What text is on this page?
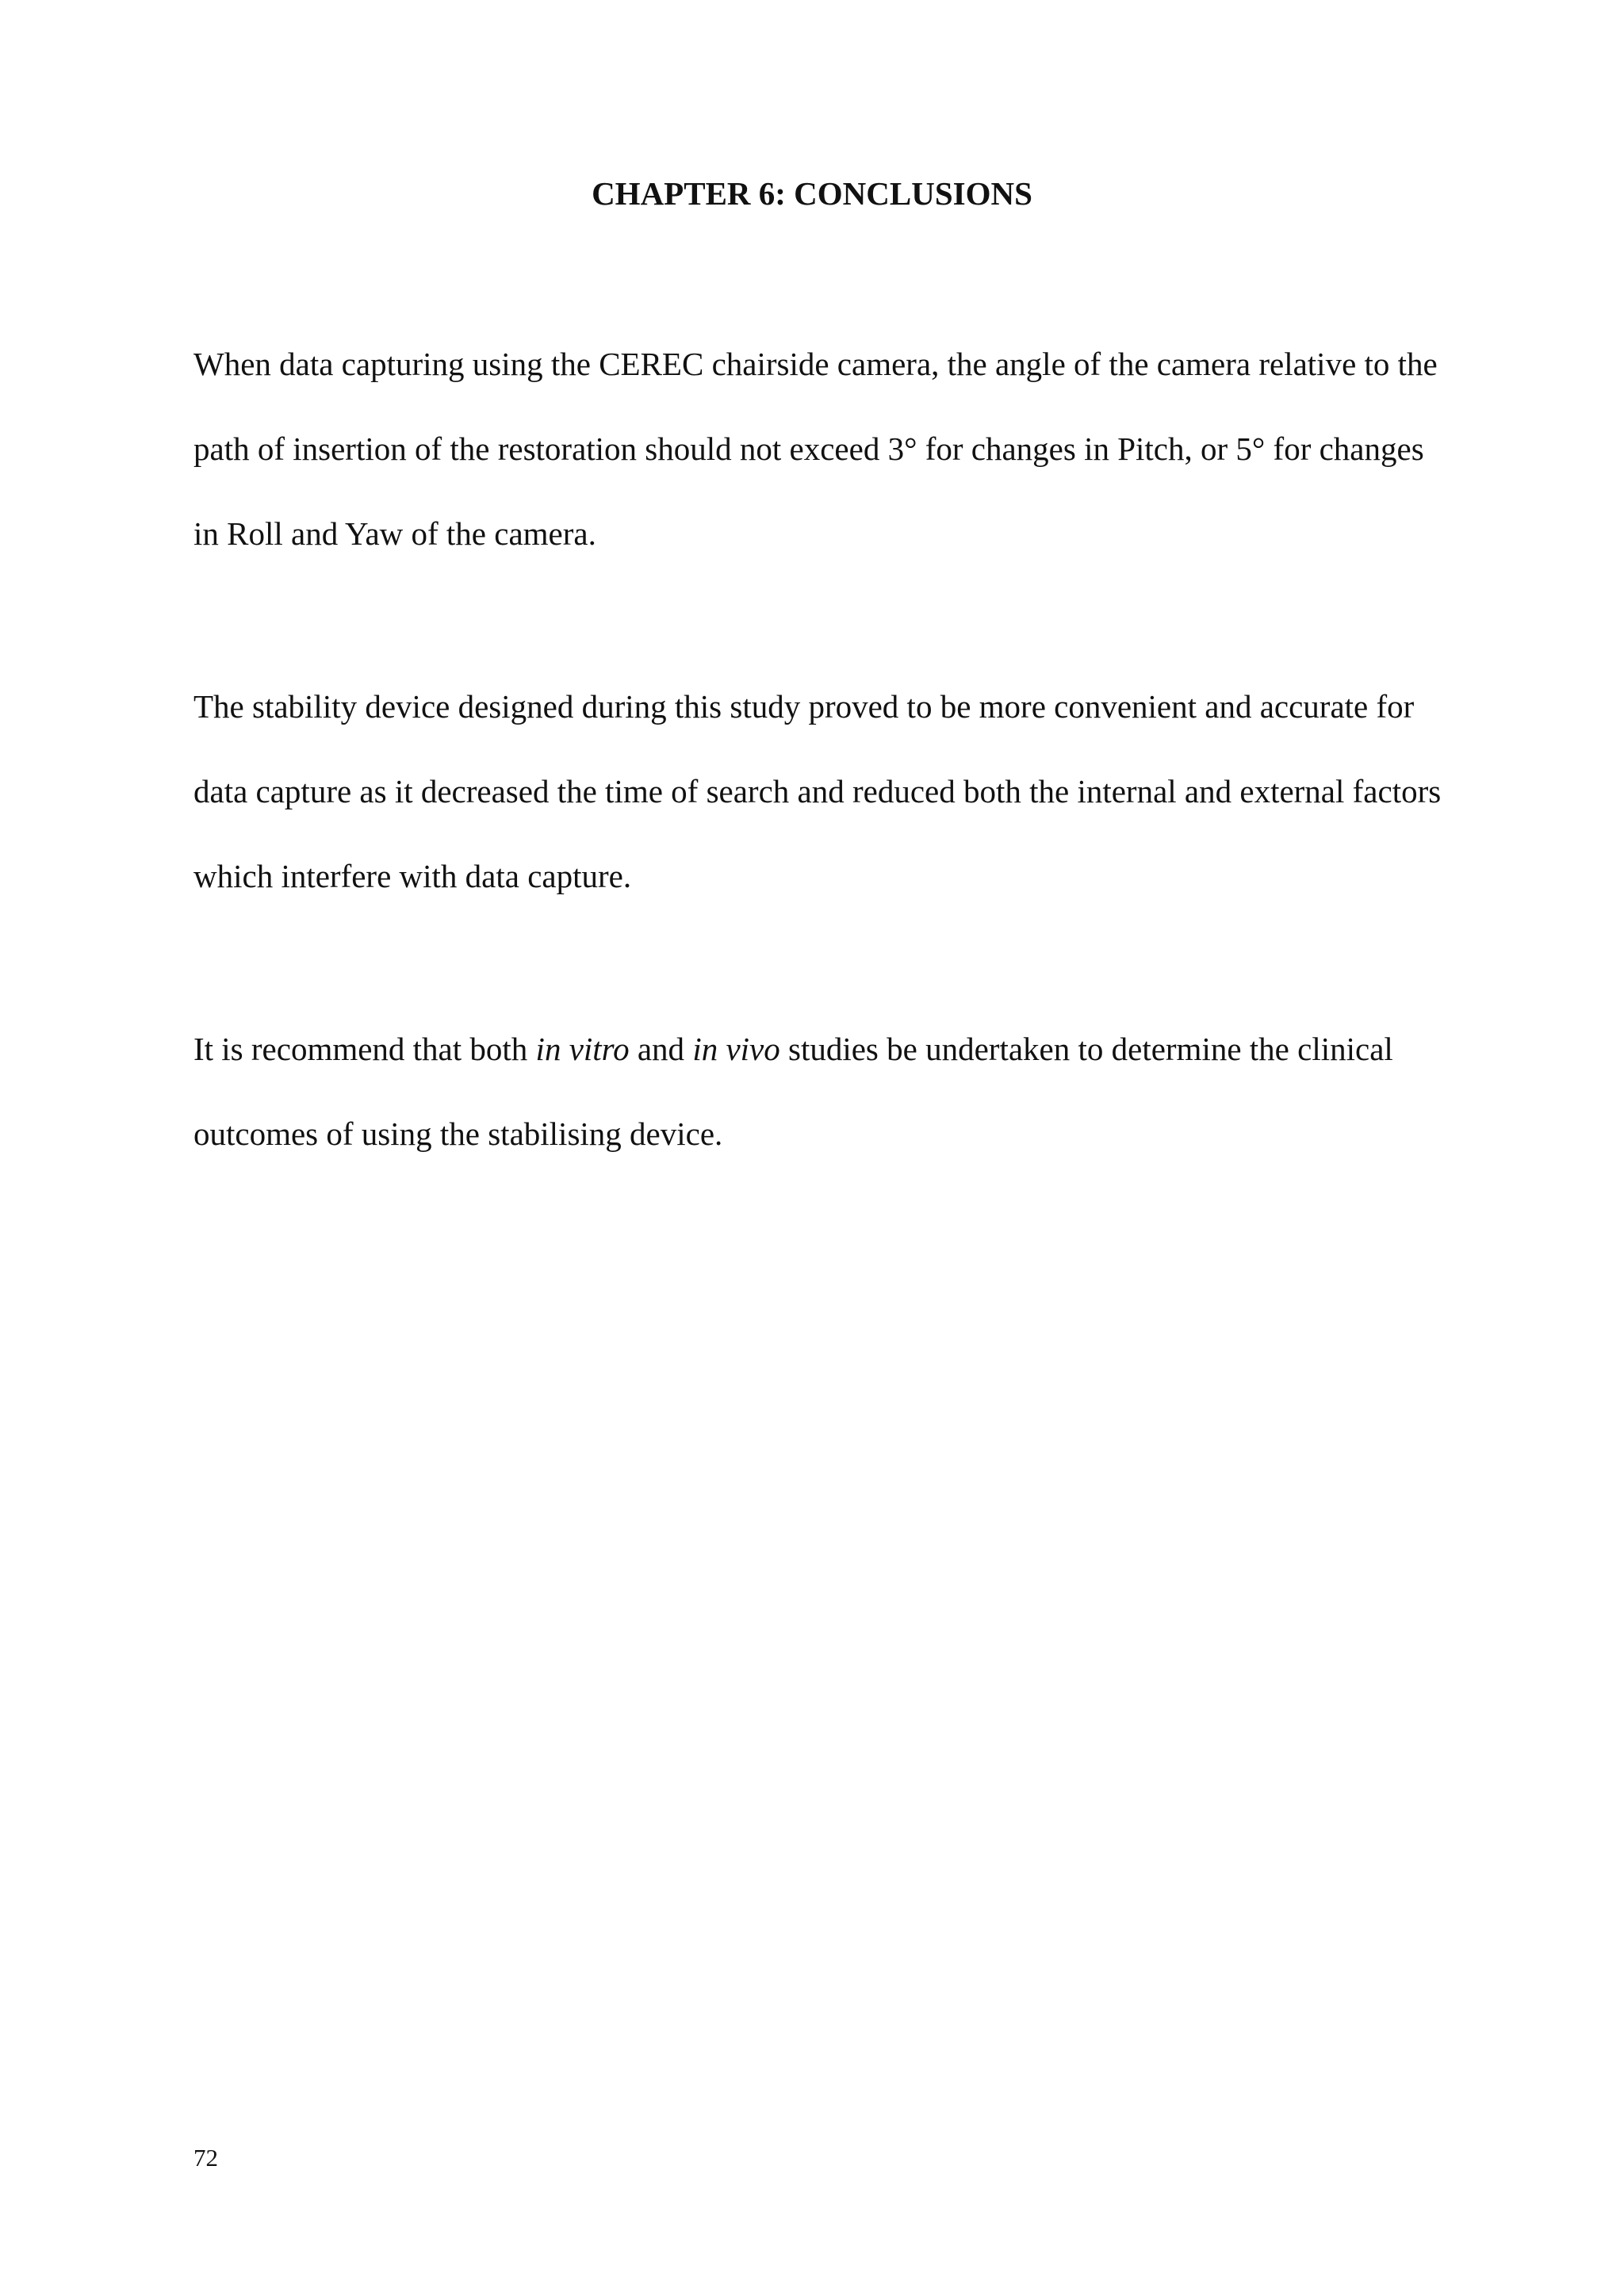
CHAPTER 6: CONCLUSIONS

When data capturing using the CEREC chairside camera, the angle of the camera relative to the
path of insertion of the restoration should not exceed 3° for changes in Pitch, or 5° for changes
in Roll and Yaw of the camera.

The stability device designed during this study proved to be more convenient and accurate for
data capture as it decreased the time of search and reduced both the internal and external factors
which interfere with data capture.

It is recommend that both in vitro and in vivo studies be undertaken to determine the clinical
outcomes of using the stabilising device.

72
